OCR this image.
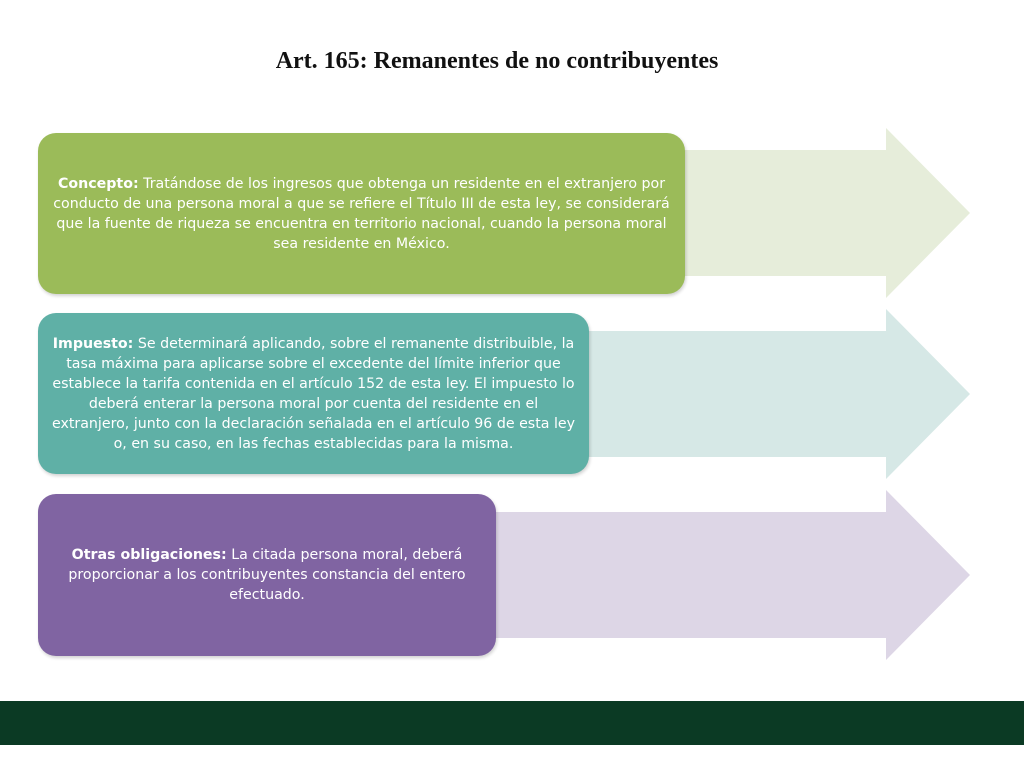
Art. 165: Remanentes de no contribuyentes

Concepto: Tratándose de los ingresos que obtenga un residente en el extranjero por conducto de una persona moral a que se refiere el Título III de esta ley, se considerará que la fuente de riqueza se encuentra en territorio nacional, cuando la persona moral sea residente en México.

Impuesto: Se determinará aplicando, sobre el remanente distribuible, la tasa máxima para aplicarse sobre el excedente del límite inferior que establece la tarifa contenida en el artículo 152 de esta ley. El impuesto lo deberá enterar la persona moral por cuenta del residente en el extranjero, junto con la declaración señalada en el artículo 96 de esta ley o, en su caso, en las fechas establecidas para la misma.

Otras obligaciones: La citada persona moral, deberá proporcionar a los contribuyentes constancia del entero efectuado.
